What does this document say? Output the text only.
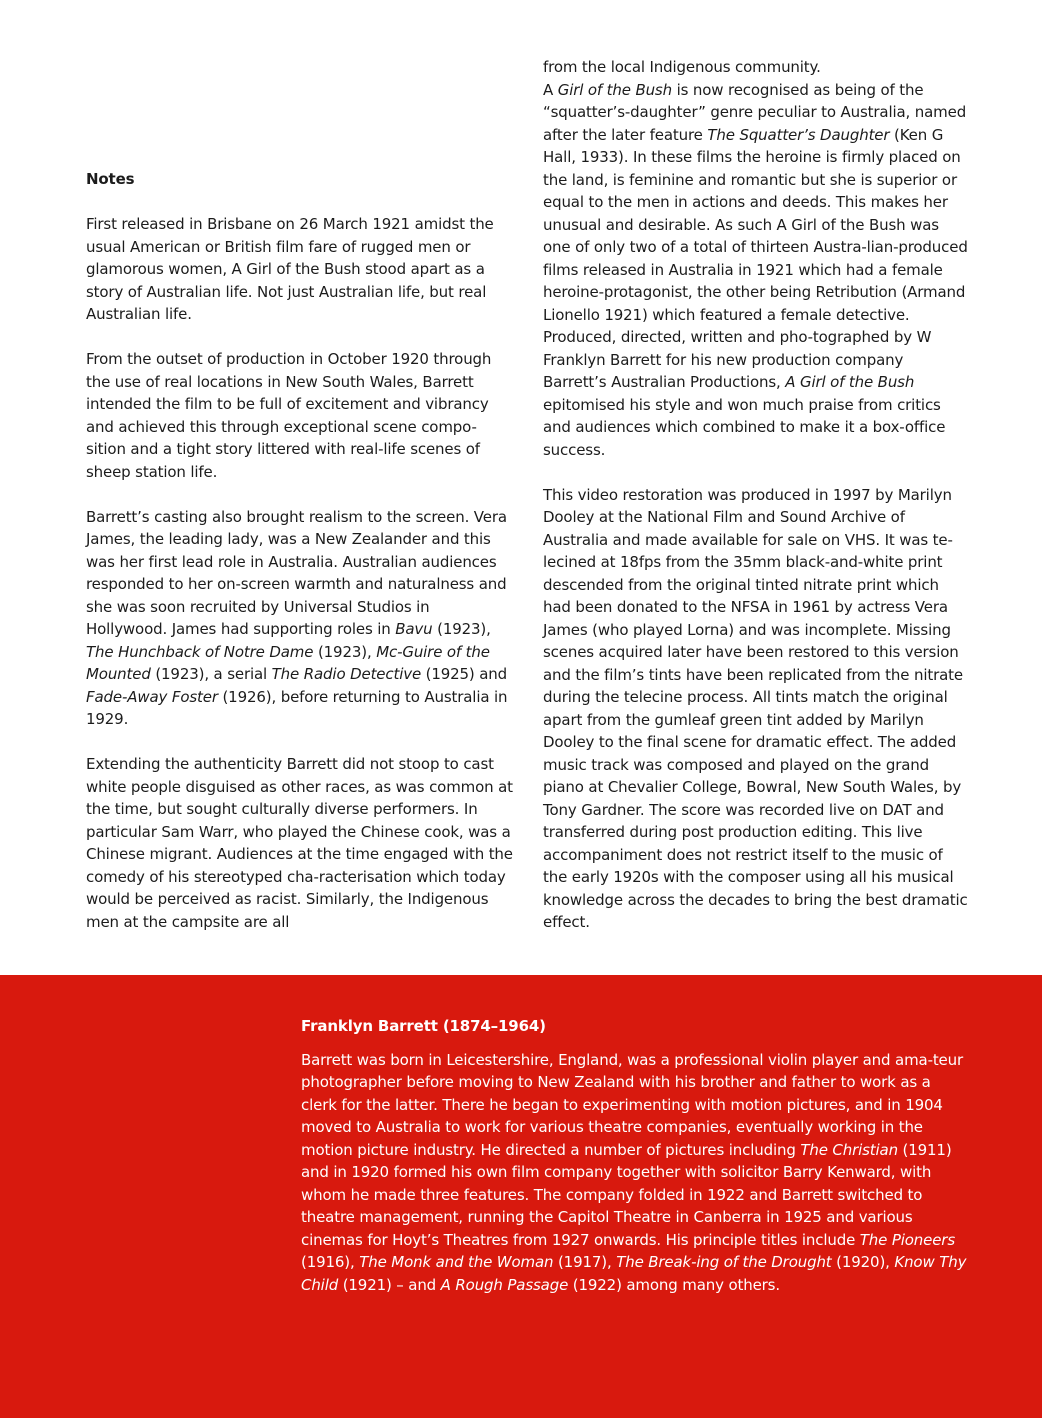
Notes

First released in Brisbane on 26 March 1921 amidst the usual American or British film fare of rugged men or glamorous women, A Girl of the Bush stood apart as a story of Australian life. Not just Australian life, but real Australian life.

From the outset of production in October 1920 through the use of real locations in New South Wales, Barrett intended the film to be full of excitement and vibrancy and achieved this through exceptional scene compo-sition and a tight story littered with real-life scenes of sheep station life.

Barrett’s casting also brought realism to the screen. Vera James, the leading lady, was a New Zealander and this was her first lead role in Australia. Australian audiences responded to her on-screen warmth and naturalness and she was soon recruited by Universal Studios in Hollywood. James had supporting roles in Bavu (1923), The Hunchback of Notre Dame (1923), Mc-Guire of the Mounted (1923), a serial The Radio Detective (1925) and Fade-Away Foster (1926), before returning to Australia in 1929.

Extending the authenticity Barrett did not stoop to cast white people disguised as other races, as was common at the time, but sought culturally diverse performers. In particular Sam Warr, who played the Chinese cook, was a Chinese migrant. Audiences at the time engaged with the comedy of his stereotyped cha-racterisation which today would be perceived as racist. Similarly, the Indigenous men at the campsite are all

from the local Indigenous community.
A Girl of the Bush is now recognised as being of the “squatter’s-daughter” genre peculiar to Australia, named after the later feature The Squatter’s Daughter (Ken G Hall, 1933). In these films the heroine is firmly placed on the land, is feminine and romantic but she is superior or equal to the men in actions and deeds. This makes her unusual and desirable. As such A Girl of the Bush was one of only two of a total of thirteen Austra-lian-produced films released in Australia in 1921 which had a female heroine-protagonist, the other being Retribution (Armand Lionello 1921) which featured a female detective. Produced, directed, written and pho-tographed by W Franklyn Barrett for his new production company Barrett’s Australian Productions, A Girl of the Bush epitomised his style and won much praise from critics and audiences which combined to make it a box-office success.

This video restoration was produced in 1997 by Marilyn Dooley at the National Film and Sound Archive of Australia and made available for sale on VHS. It was te-lecined at 18fps from the 35mm black-and-white print descended from the original tinted nitrate print which had been donated to the NFSA in 1961 by actress Vera James (who played Lorna) and was incomplete. Missing scenes acquired later have been restored to this version and the film’s tints have been replicated from the nitrate during the telecine process. All tints match the original apart from the gumleaf green tint added by Marilyn Dooley to the final scene for dramatic effect. The added music track was composed and played on the grand piano at Chevalier College, Bowral, New South Wales, by Tony Gardner. The score was recorded live on DAT and transferred during post production editing. This live accompaniment does not restrict itself to the music of the early 1920s with the composer using all his musical knowledge across the decades to bring the best dramatic effect.

Franklyn Barrett (1874–1964)

Barrett was born in Leicestershire, England, was a professional violin player and ama-teur photographer before moving to New Zealand with his brother and father to work as a clerk for the latter. There he began to experimenting with motion pictures, and in 1904 moved to Australia to work for various theatre companies, eventually working in the motion picture industry. He directed a number of pictures including The Christian (1911) and in 1920 formed his own film company together with solicitor Barry Kenward, with whom he made three features. The company folded in 1922 and Barrett switched to theatre management, running the Capitol Theatre in Canberra in 1925 and various cinemas for Hoyt’s Theatres from 1927 onwards. His principle titles include The Pioneers (1916), The Monk and the Woman (1917), The Break-ing of the Drought (1920), Know Thy Child (1921) – and A Rough Passage (1922) among many others.
